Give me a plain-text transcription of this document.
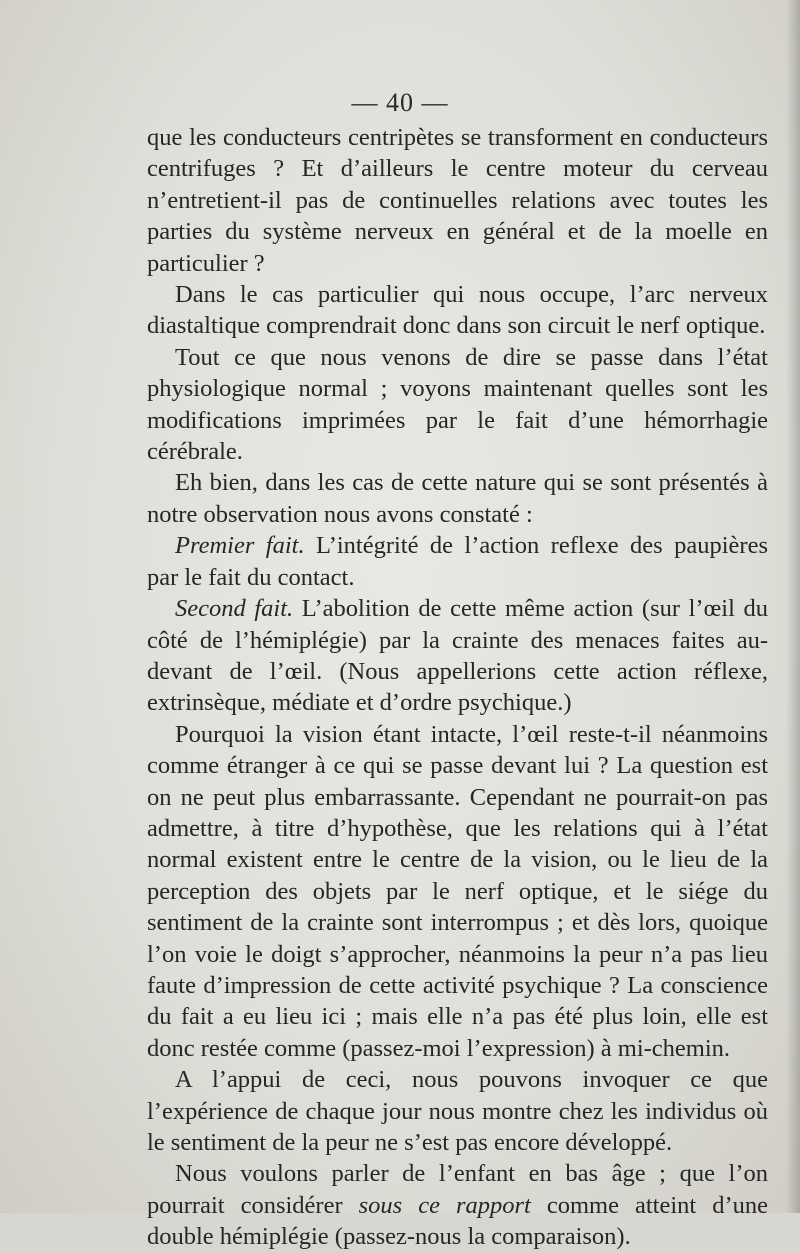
— 40 —

que les conducteurs centripètes se transforment en conducteurs centrifuges ? Et d’ailleurs le centre moteur du cerveau n’entretient-il pas de continuelles relations avec toutes les parties du système nerveux en général et de la moelle en particulier ?

Dans le cas particulier qui nous occupe, l’arc nerveux diastaltique comprendrait donc dans son circuit le nerf optique.

Tout ce que nous venons de dire se passe dans l’état physiologique normal ; voyons maintenant quelles sont les modifications imprimées par le fait d’une hémorrhagie cérébrale.

Eh bien, dans les cas de cette nature qui se sont présentés à notre observation nous avons constaté :

Premier fait. L’intégrité de l’action reflexe des paupières par le fait du contact.

Second fait. L’abolition de cette même action (sur l’œil du côté de l’hémiplégie) par la crainte des menaces faites au-devant de l’œil. (Nous appellerions cette action réflexe, extrinsèque, médiate et d’ordre psychique.)

Pourquoi la vision étant intacte, l’œil reste-t-il néanmoins comme étranger à ce qui se passe devant lui ? La question est on ne peut plus embarrassante. Cependant ne pourrait-on pas admettre, à titre d’hypothèse, que les relations qui à l’état normal existent entre le centre de la vision, ou le lieu de la perception des objets par le nerf optique, et le siége du sentiment de la crainte sont interrompus ; et dès lors, quoique l’on voie le doigt s’approcher, néanmoins la peur n’a pas lieu faute d’impression de cette activité psychique ? La conscience du fait a eu lieu ici ; mais elle n’a pas été plus loin, elle est donc restée comme (passez-moi l’expression) à mi-chemin.

A l’appui de ceci, nous pouvons invoquer ce que l’expérience de chaque jour nous montre chez les individus où le sentiment de la peur ne s’est pas encore développé.

Nous voulons parler de l’enfant en bas âge ; que l’on pourrait considérer sous ce rapport comme atteint d’une double hémiplégie (passez-nous la comparaison).
